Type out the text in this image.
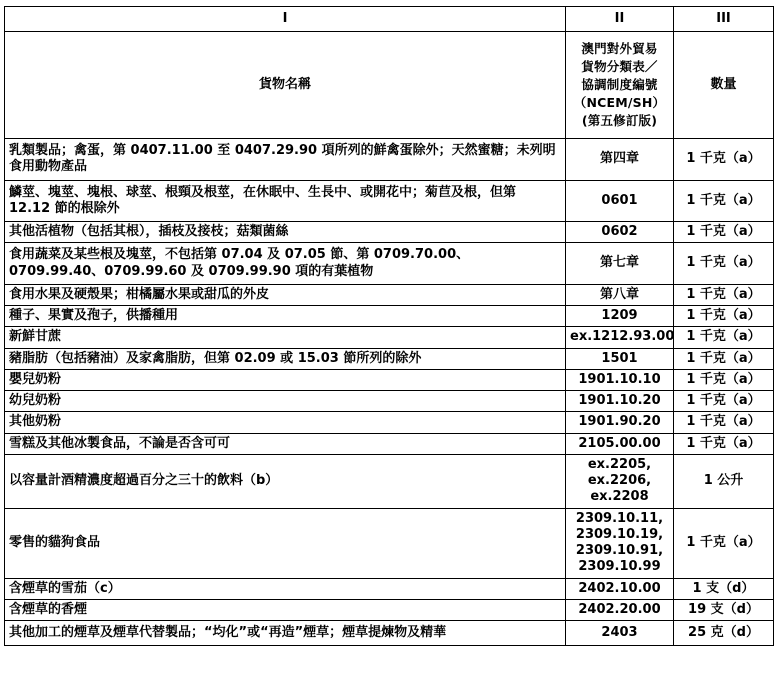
I	II	III
貨物名稱	澳門對外貿易
貨物分類表／
協調制度編號
（NCEM/SH）
(第五修訂版)	數量
乳類製品；禽蛋，第 0407.11.00 至 0407.29.90 項所列的鮮禽蛋除外；天然蜜糖；未列明食用動物產品	第四章	1 千克（a）
鱗莖、塊莖、塊根、球莖、根頸及根莖，在休眠中、生長中、或開花中；菊苣及根，但第 12.12 節的根除外	0601	1 千克（a）
其他活植物（包括其根），插枝及接枝；菇類菌絲	0602	1 千克（a）
食用蔬菜及某些根及塊莖，不包括第 07.04 及 07.05 節、第 0709.70.00、0709.99.40、0709.99.60 及 0709.99.90 項的有葉植物	第七章	1 千克（a）
食用水果及硬殼果；柑橘屬水果或甜瓜的外皮	第八章	1 千克（a）
種子、果實及孢子，供播種用	1209	1 千克（a）
新鮮甘蔗	ex.1212.93.00	1 千克（a）
豬脂肪（包括豬油）及家禽脂肪，但第 02.09 或 15.03 節所列的除外	1501	1 千克（a）
嬰兒奶粉	1901.10.10	1 千克（a）
幼兒奶粉	1901.10.20	1 千克（a）
其他奶粉	1901.90.20	1 千克（a）
雪糕及其他冰製食品，不論是否含可可	2105.00.00	1 千克（a）
以容量計酒精濃度超過百分之三十的飲料（b）	ex.2205,
ex.2206,
ex.2208	1 公升
零售的貓狗食品	2309.10.11,
2309.10.19,
2309.10.91,
2309.10.99	1 千克（a）
含煙草的雪茄（c）	2402.10.00	1 支（d）
含煙草的香煙	2402.20.00	19 支（d）
其他加工的煙草及煙草代替製品；“均化”或“再造”煙草；煙草提煉物及精華	2403	25 克（d）
